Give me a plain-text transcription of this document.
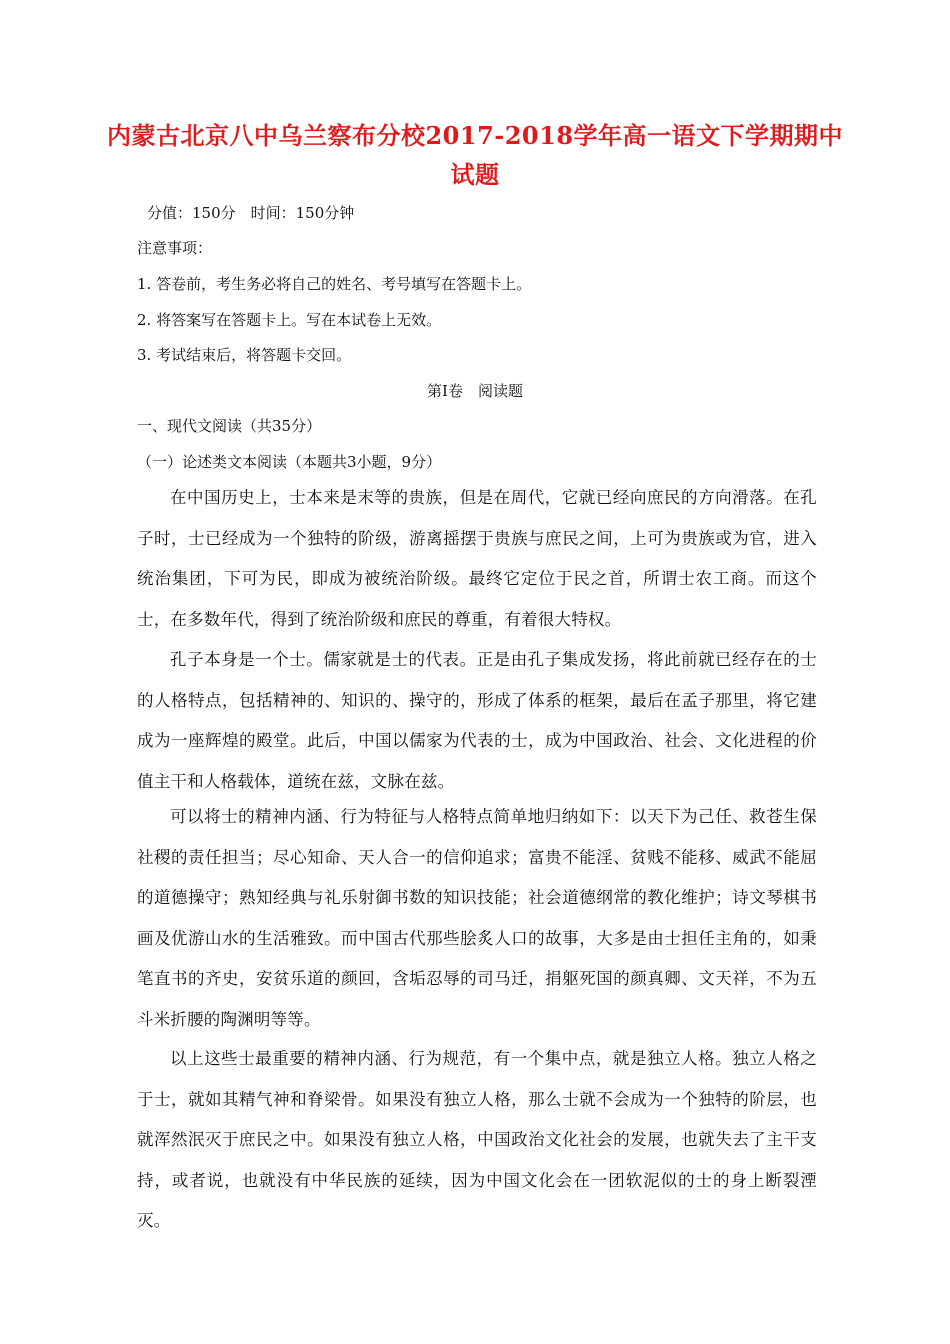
内蒙古北京八中乌兰察布分校2017-2018学年高一语文下学期期中
试题
分值：150分　时间：150分钟
注意事项：
1. 答卷前，考生务必将自己的姓名、考号填写在答题卡上。
2. 将答案写在答题卡上。写在本试卷上无效。
3. 考试结束后，将答题卡交回。
第Ⅰ卷　阅读题
一、现代文阅读（共35分）
（一）论述类文本阅读（本题共3小题，9分）
在中国历史上，士本来是末等的贵族，但是在周代，它就已经向庶民的方向滑落。在孔子时，士已经成为一个独特的阶级，游离摇摆于贵族与庶民之间，上可为贵族或为官，进入统治集团，下可为民，即成为被统治阶级。最终它定位于民之首，所谓士农工商。而这个士，在多数年代，得到了统治阶级和庶民的尊重，有着很大特权。
孔子本身是一个士。儒家就是士的代表。正是由孔子集成发扬，将此前就已经存在的士的人格特点，包括精神的、知识的、操守的，形成了体系的框架，最后在孟子那里，将它建成为一座辉煌的殿堂。此后，中国以儒家为代表的士，成为中国政治、社会、文化进程的价值主干和人格载体，道统在兹，文脉在兹。
可以将士的精神内涵、行为特征与人格特点简单地归纳如下：以天下为己任、救苍生保社稷的责任担当；尽心知命、天人合一的信仰追求；富贵不能淫、贫贱不能移、威武不能屈的道德操守；熟知经典与礼乐射御书数的知识技能；社会道德纲常的教化维护；诗文琴棋书画及优游山水的生活雅致。而中国古代那些脍炙人口的故事，大多是由士担任主角的，如秉笔直书的齐史，安贫乐道的颜回，含垢忍辱的司马迁，捐躯死国的颜真卿、文天祥，不为五斗米折腰的陶渊明等等。
以上这些士最重要的精神内涵、行为规范，有一个集中点，就是独立人格。独立人格之于士，就如其精气神和脊梁骨。如果没有独立人格，那么士就不会成为一个独特的阶层，也就浑然泯灭于庶民之中。如果没有独立人格，中国政治文化社会的发展，也就失去了主干支持，或者说，也就没有中华民族的延续，因为中国文化会在一团软泥似的士的身上断裂湮灭。
